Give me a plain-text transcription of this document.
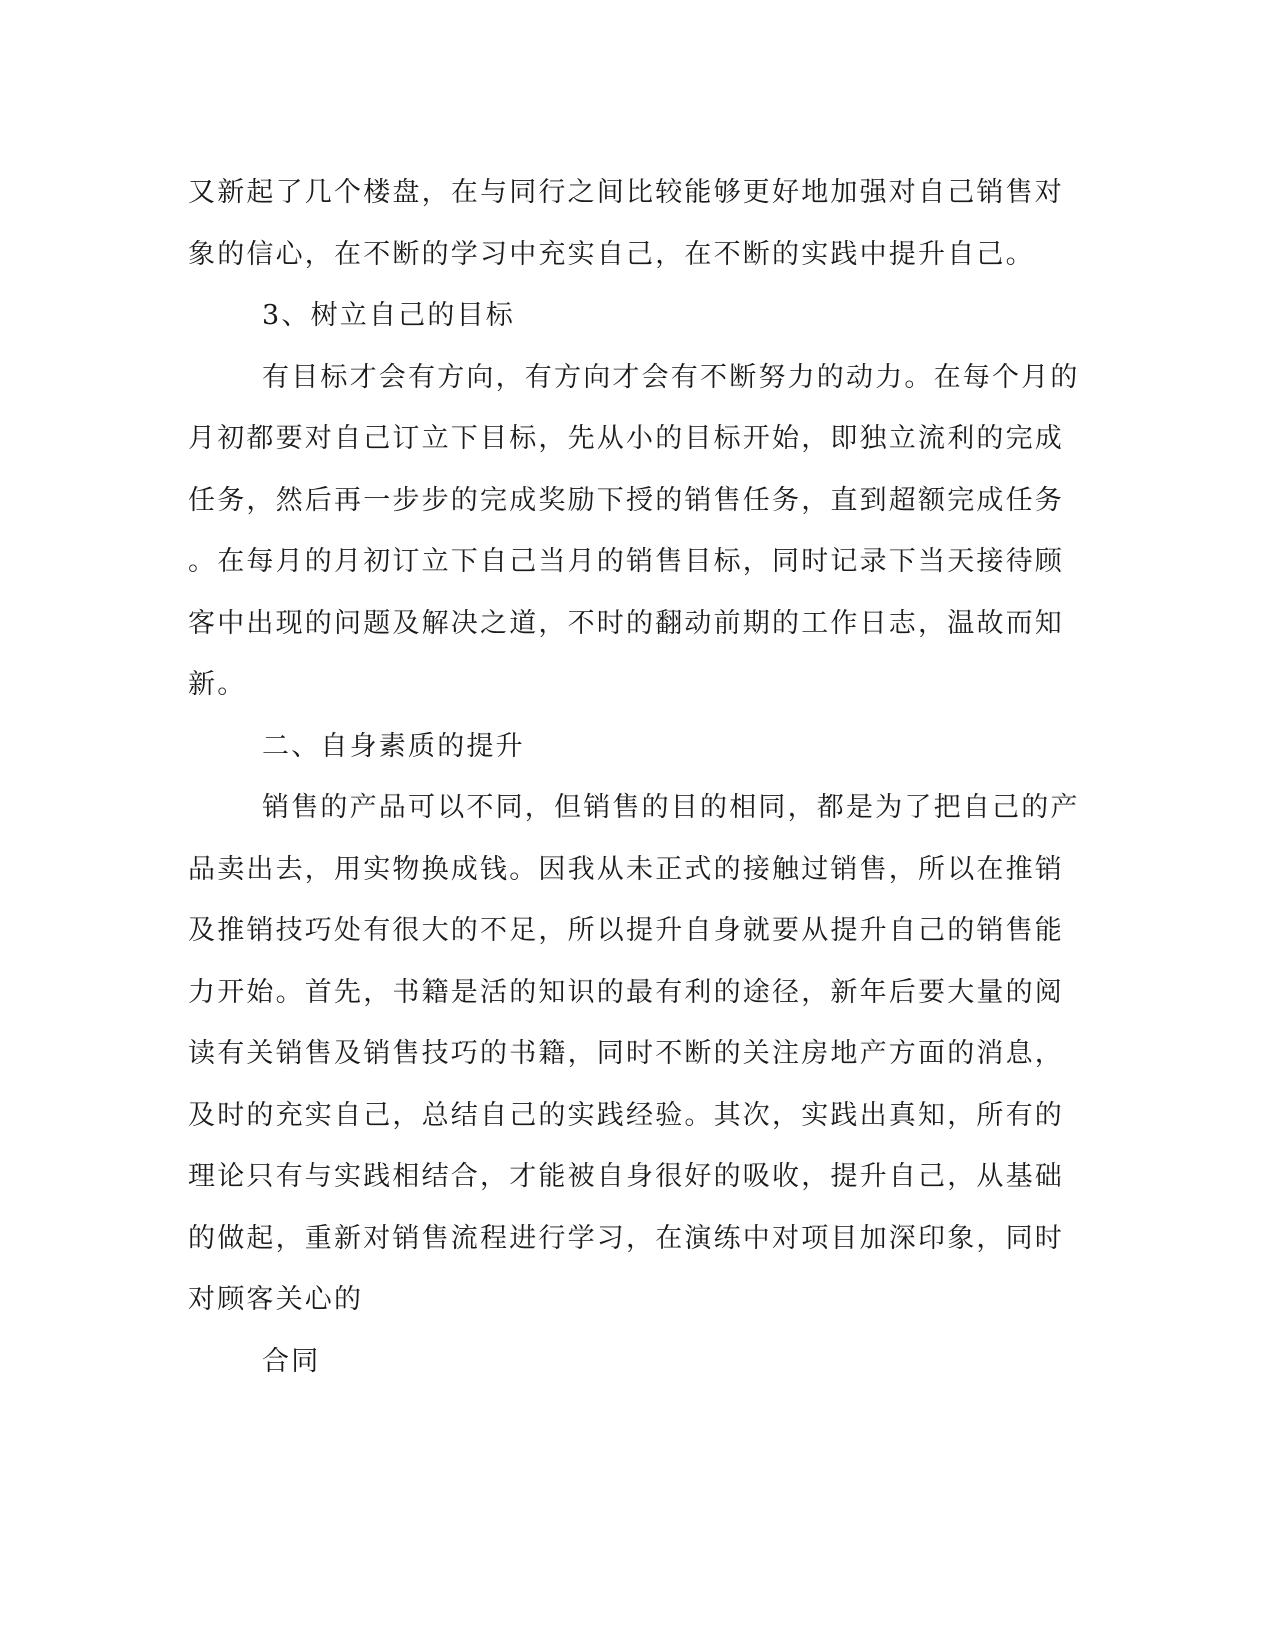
又新起了几个楼盘，在与同行之间比较能够更好地加强对自己销售对
象的信心，在不断的学习中充实自己，在不断的实践中提升自己。
3、树立自己的目标
有目标才会有方向，有方向才会有不断努力的动力。在每个月的
月初都要对自己订立下目标，先从小的目标开始，即独立流利的完成
任务，然后再一步步的完成奖励下授的销售任务，直到超额完成任务
。在每月的月初订立下自己当月的销售目标，同时记录下当天接待顾
客中出现的问题及解决之道，不时的翻动前期的工作日志，温故而知
新。
二、自身素质的提升
销售的产品可以不同，但销售的目的相同，都是为了把自己的产
品卖出去，用实物换成钱。因我从未正式的接触过销售，所以在推销
及推销技巧处有很大的不足，所以提升自身就要从提升自己的销售能
力开始。首先，书籍是活的知识的最有利的途径，新年后要大量的阅
读有关销售及销售技巧的书籍，同时不断的关注房地产方面的消息，
及时的充实自己，总结自己的实践经验。其次，实践出真知，所有的
理论只有与实践相结合，才能被自身很好的吸收，提升自己，从基础
的做起，重新对销售流程进行学习，在演练中对项目加深印象，同时
对顾客关心的
合同
